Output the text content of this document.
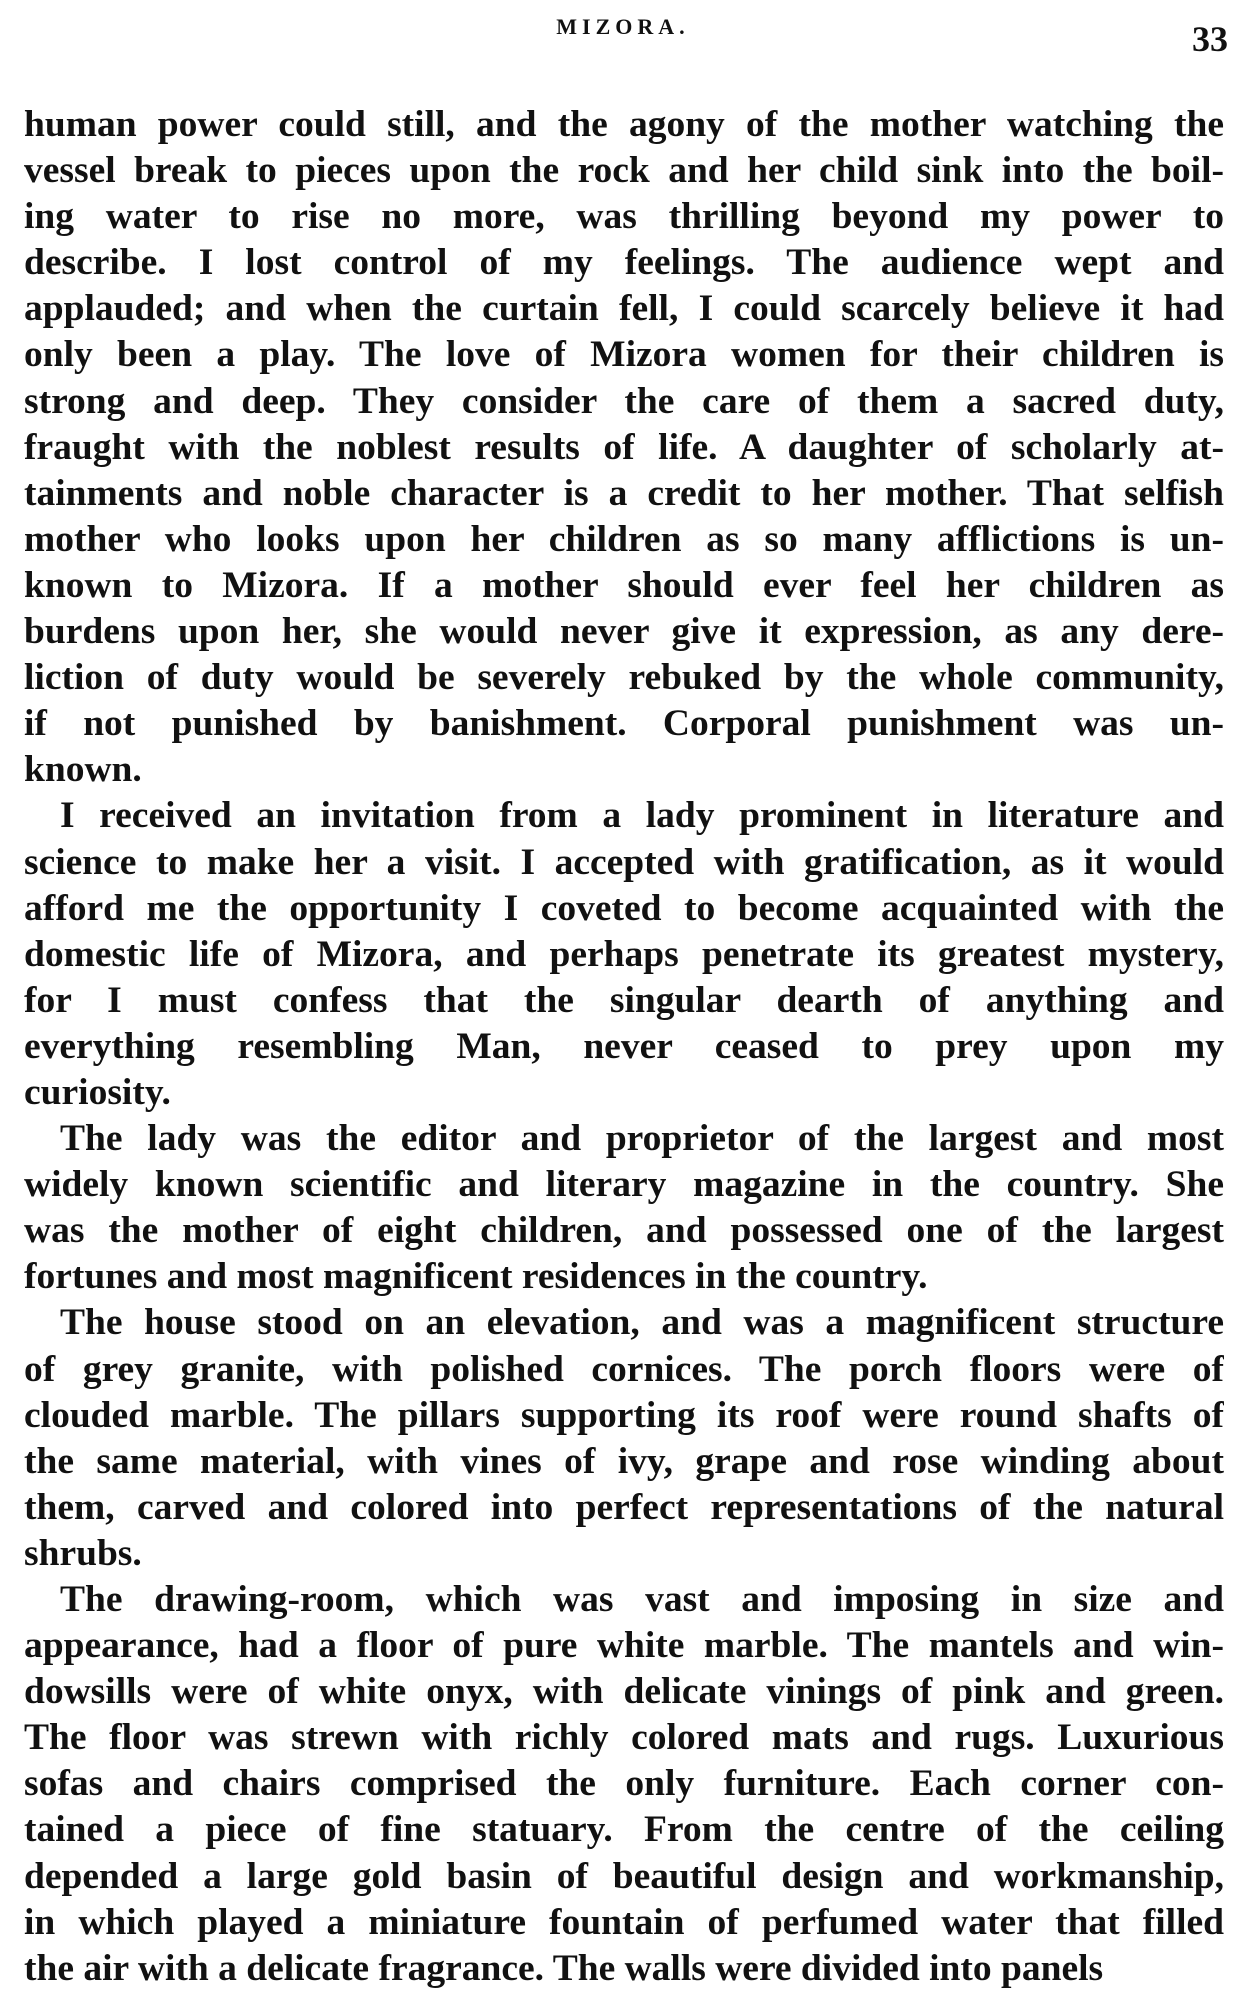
MIZORA.	33
human power could still, and the agony of the mother watching the
vessel break to pieces upon the rock and her child sink into the boil-
ing water to rise no more, was thrilling beyond my power to
describe. I lost control of my feelings. The audience wept and
applauded; and when the curtain fell, I could scarcely believe it had
only been a play. The love of Mizora women for their children is
strong and deep. They consider the care of them a sacred duty,
fraught with the noblest results of life. A daughter of scholarly at-
tainments and noble character is a credit to her mother. That selfish
mother who looks upon her children as so many afflictions is un-
known to Mizora. If a mother should ever feel her children as
burdens upon her, she would never give it expression, as any dere-
liction of duty would be severely rebuked by the whole community,
if not punished by banishment. Corporal punishment was un-
known.
I received an invitation from a lady prominent in literature and
science to make her a visit. I accepted with gratification, as it would
afford me the opportunity I coveted to become acquainted with the
domestic life of Mizora, and perhaps penetrate its greatest mystery,
for I must confess that the singular dearth of anything and
everything resembling Man, never ceased to prey upon my
curiosity.
The lady was the editor and proprietor of the largest and most
widely known scientific and literary magazine in the country. She
was the mother of eight children, and possessed one of the largest
fortunes and most magnificent residences in the country.
The house stood on an elevation, and was a magnificent structure
of grey granite, with polished cornices. The porch floors were of
clouded marble. The pillars supporting its roof were round shafts of
the same material, with vines of ivy, grape and rose winding about
them, carved and colored into perfect representations of the natural
shrubs.
The drawing-room, which was vast and imposing in size and
appearance, had a floor of pure white marble. The mantels and win-
dowsills were of white onyx, with delicate vinings of pink and green.
The floor was strewn with richly colored mats and rugs. Luxurious
sofas and chairs comprised the only furniture. Each corner con-
tained a piece of fine statuary. From the centre of the ceiling
depended a large gold basin of beautiful design and workmanship,
in which played a miniature fountain of perfumed water that filled
the air with a delicate fragrance. The walls were divided into panels
